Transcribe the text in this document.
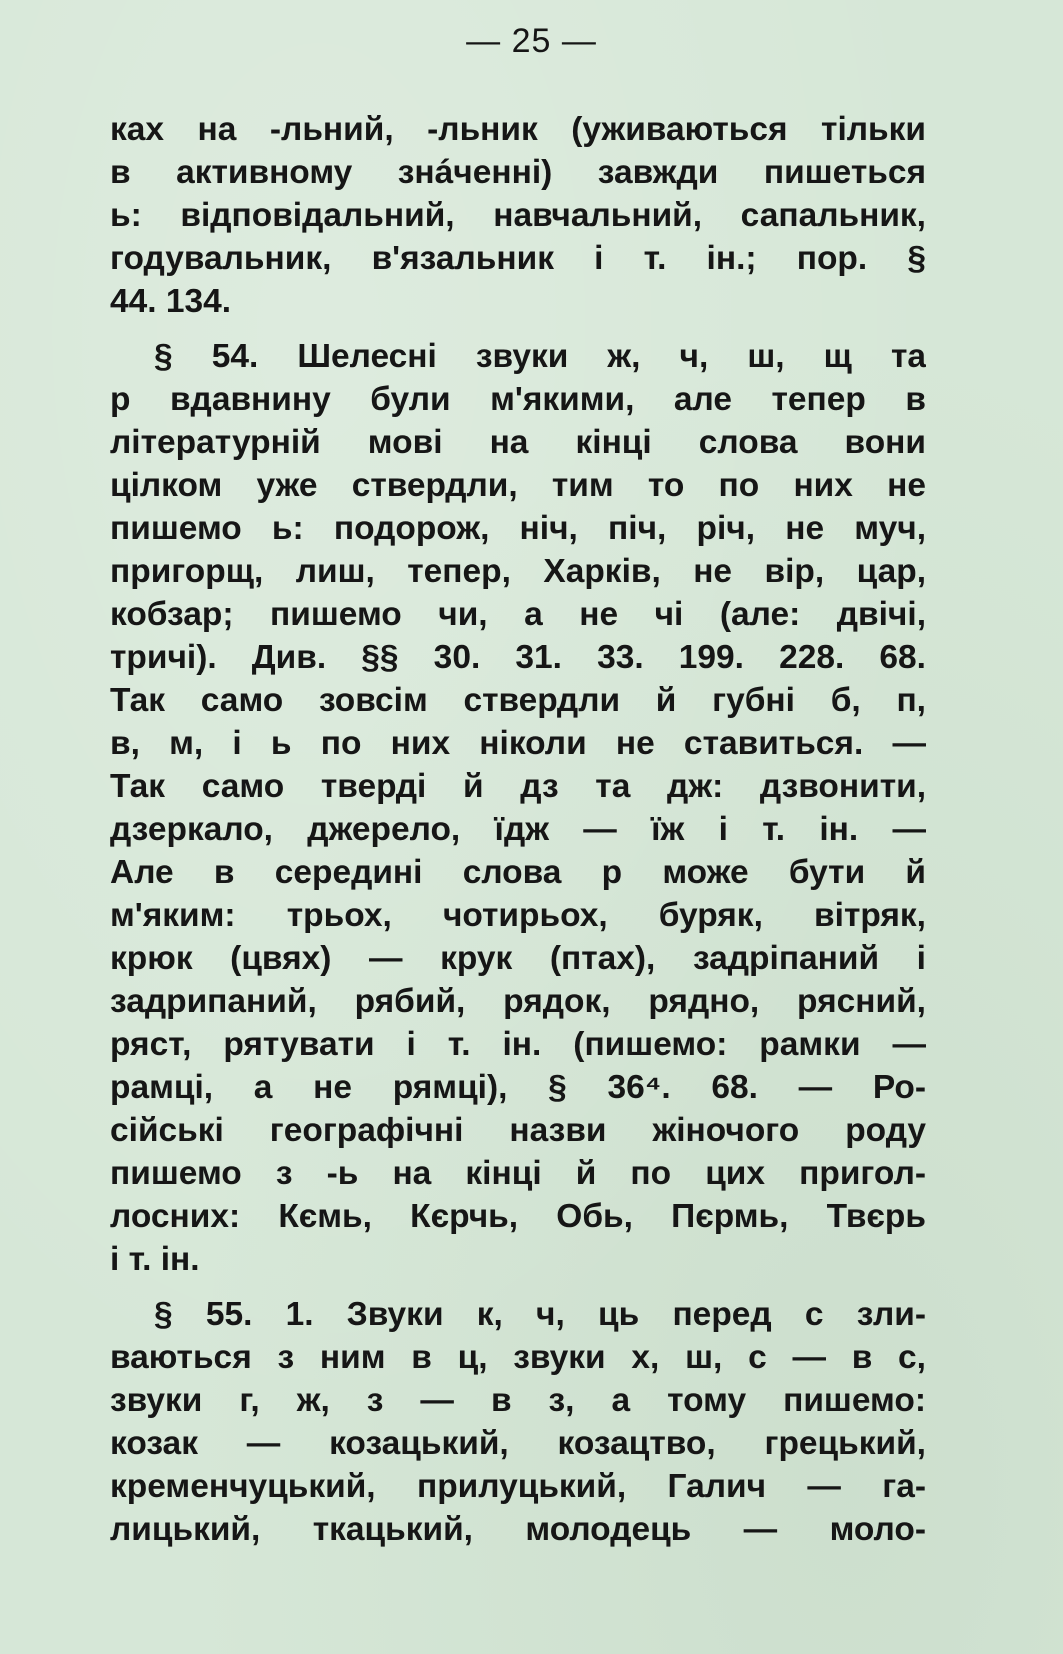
— 25 —
ках на -льний, -льник (уживаються тільки
в активному знáченні) завжди пишеться
ь: відповідальний, навчальний, сапальник,
годувальник, в'язальник і т. ін.; пор. §
44. 134.
§ 54. Шелесні звуки ж, ч, ш, щ та
р вдавнину були м'якими, але тепер в
літературній мові на кінці слова вони
цілком уже ствердли, тим то по них не
пишемо ь: подорож, ніч, піч, річ, не муч,
пригорщ, лиш, тепер, Харків, не вір, цар,
кобзар; пишемо чи, а не чі (але: двічі,
тричі). Див. §§ 30. 31. 33. 199. 228. 68.
Так само зовсім ствердли й губні б, п,
в, м, і ь по них ніколи не ставиться. —
Так само тверді й дз та дж: дзвонити,
дзеркало, джерело, їдж — їж і т. ін. —
Але в середині слова р може бути й
м'яким: трьох, чотирьох, буряк, вітряк,
крюк (цвях) — крук (птах), задріпаний і
задрипаний, рябий, рядок, рядно, рясний,
ряст, рятувати і т. ін. (пишемо: рамки —
рамці, а не рямці), § 36⁴. 68. — Ро-
сійські географічні назви жіночого роду
пишемо з -ь на кінці й по цих пригол-
лосних: Кємь, Кєрчь, Обь, Пєрмь, Твєрь
і т. ін.
§ 55. 1. Звуки к, ч, ць перед с зли-
ваються з ним в ц, звуки х, ш, с — в с,
звуки г, ж, з — в з, а тому пишемо:
козак — козацький, козацтво, грецький,
кременчуцький, прилуцький, Галич — га-
лицький, ткацький, молодець — моло-
